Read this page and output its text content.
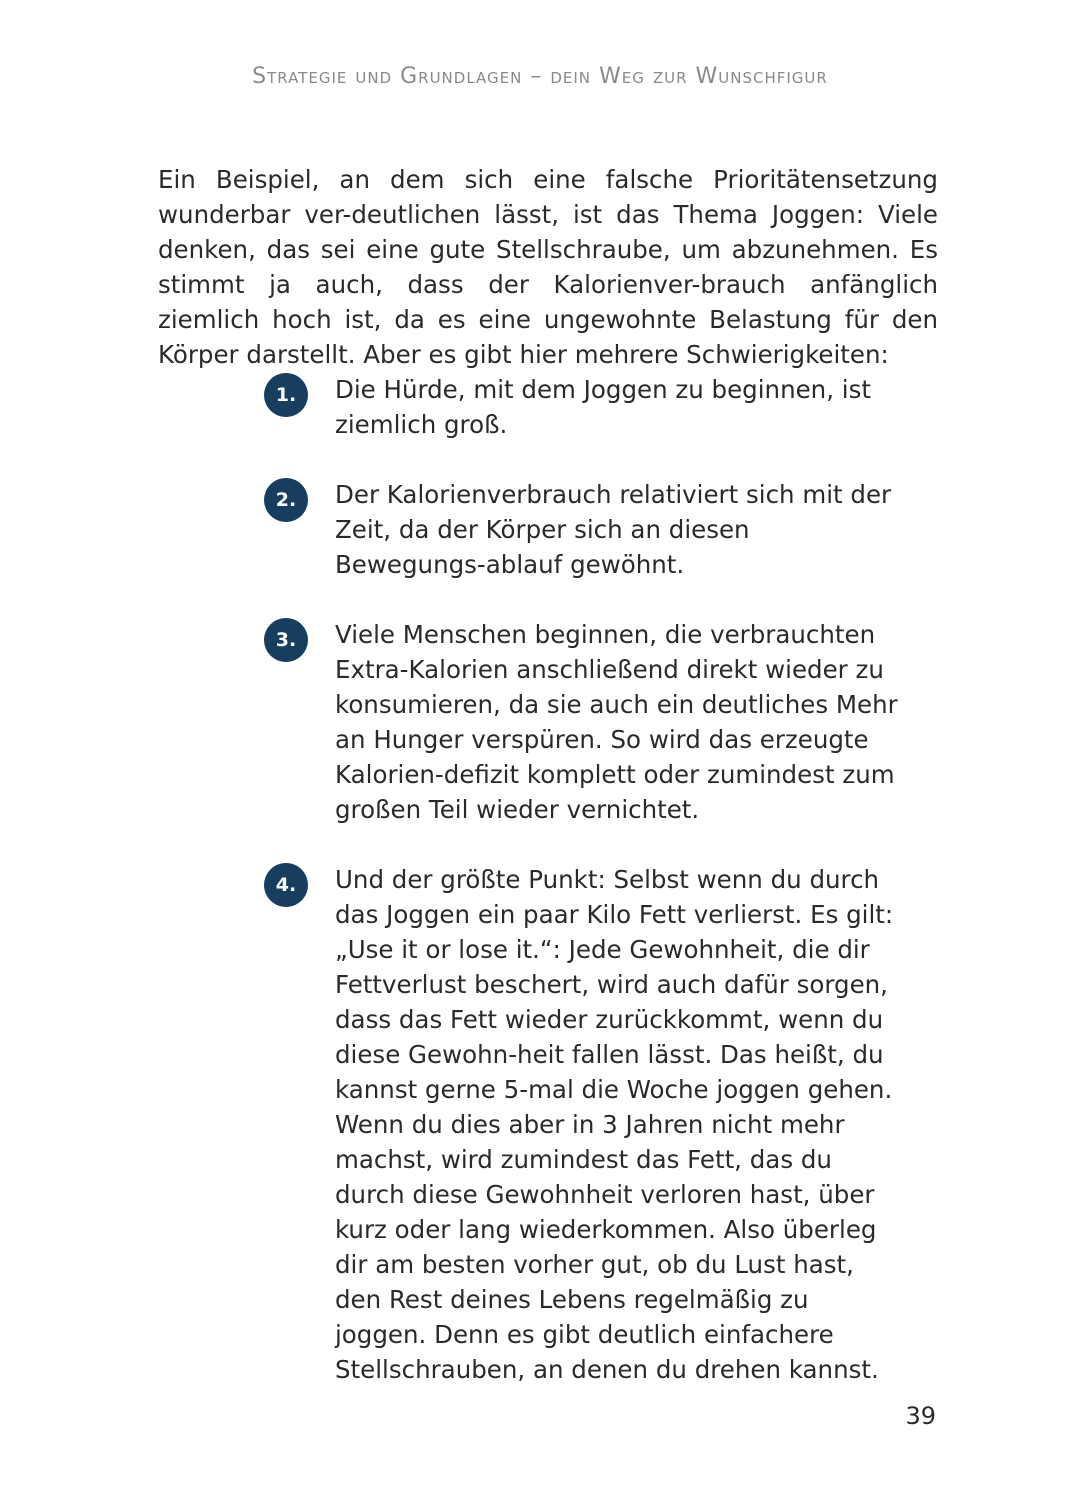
Strategie und Grundlagen – dein Weg zur Wunschfigur

Ein Beispiel, an dem sich eine falsche Prioritätensetzung wunderbar ver-deutlichen lässt, ist das Thema Joggen: Viele denken, das sei eine gute Stellschraube, um abzunehmen. Es stimmt ja auch, dass der Kalorienver-brauch anfänglich ziemlich hoch ist, da es eine ungewohnte Belastung für den Körper darstellt. Aber es gibt hier mehrere Schwierigkeiten:

1.	Die Hürde, mit dem Joggen zu beginnen, ist ziemlich groß.
2.	Der Kalorienverbrauch relativiert sich mit der Zeit, da der Körper sich an diesen Bewegungs-ablauf gewöhnt.
3.	Viele Menschen beginnen, die verbrauchten Extra-Kalorien anschließend direkt wieder zu konsumieren, da sie auch ein deutliches Mehr an Hunger verspüren. So wird das erzeugte Kalorien-defizit komplett oder zumindest zum großen Teil wieder vernichtet.
4.	Und der größte Punkt: Selbst wenn du durch das Joggen ein paar Kilo Fett verlierst. Es gilt: „Use it or lose it.“: Jede Gewohnheit, die dir Fettverlust beschert, wird auch dafür sorgen, dass das Fett wieder zurückkommt, wenn du diese Gewohn-heit fallen lässt. Das heißt, du kannst gerne 5-mal die Woche joggen gehen. Wenn du dies aber in 3 Jahren nicht mehr machst, wird zumindest das Fett, das du durch diese Gewohnheit verloren hast, über kurz oder lang wiederkommen. Also überleg dir am besten vorher gut, ob du Lust hast, den Rest deines Lebens regelmäßig zu joggen. Denn es gibt deutlich einfachere Stellschrauben, an denen du drehen kannst.
39
